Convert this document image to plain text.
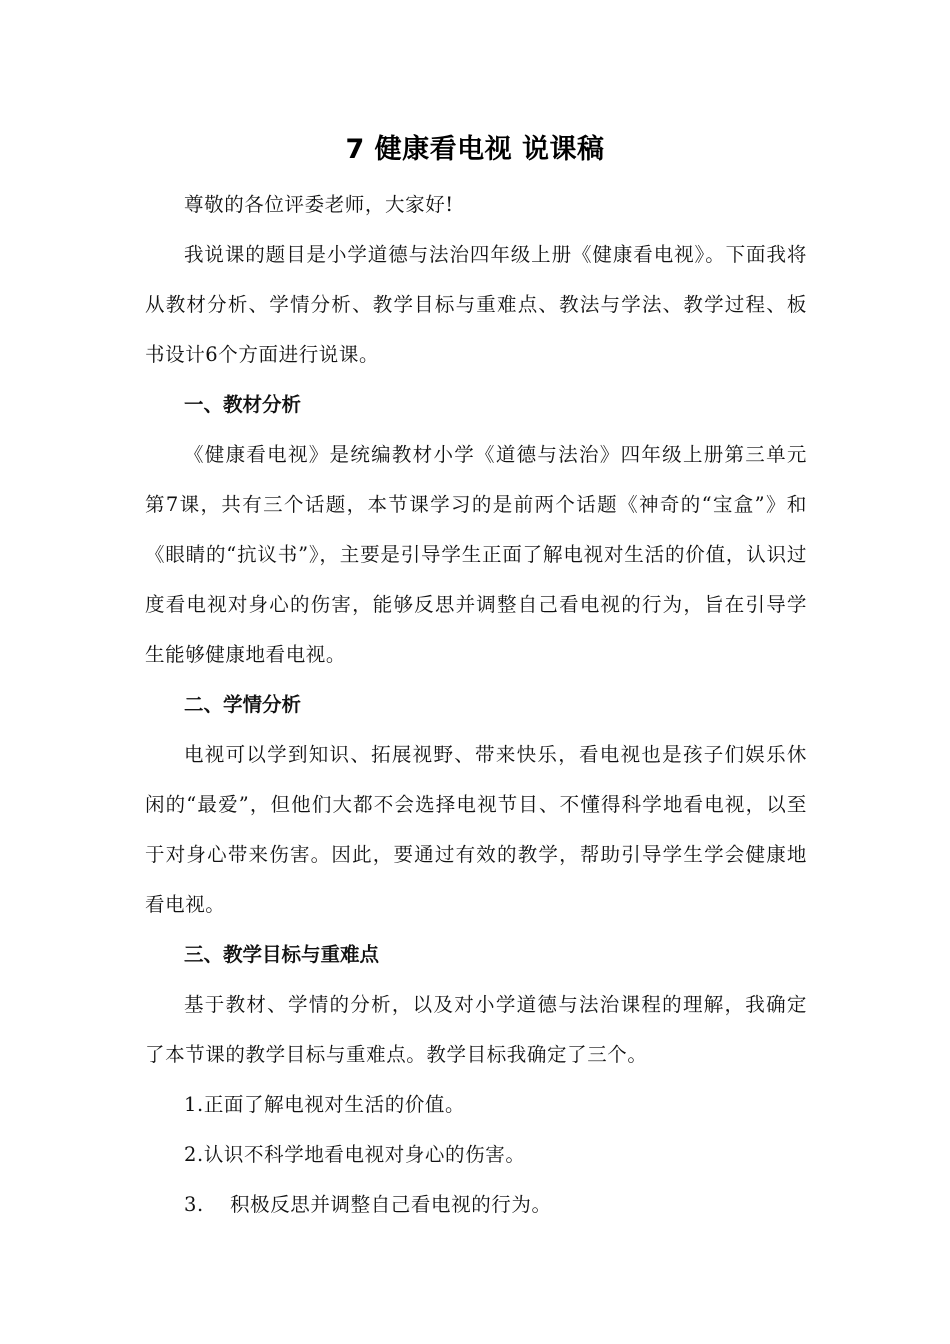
7 健康看电视 说课稿

尊敬的各位评委老师，大家好!

我说课的题目是小学道德与法治四年级上册《健康看电视》。下面我将从教材分析、学情分析、教学目标与重难点、教法与学法、教学过程、板书设计6个方面进行说课。

一、教材分析

《健康看电视》是统编教材小学《道德与法治》四年级上册第三单元第7课，共有三个话题，本节课学习的是前两个话题《神奇的“宝盒”》和《眼睛的“抗议书”》，主要是引导学生正面了解电视对生活的价值，认识过度看电视对身心的伤害，能够反思并调整自己看电视的行为，旨在引导学生能够健康地看电视。

二、学情分析

电视可以学到知识、拓展视野、带来快乐，看电视也是孩子们娱乐休闲的“最爱”，但他们大都不会选择电视节目、不懂得科学地看电视，以至于对身心带来伤害。因此，要通过有效的教学，帮助引导学生学会健康地看电视。

三、教学目标与重难点

基于教材、学情的分析，以及对小学道德与法治课程的理解，我确定了本节课的教学目标与重难点。教学目标我确定了三个。

1.正面了解电视对生活的价值。

2.认识不科学地看电视对身心的伤害。

3. 积极反思并调整自己看电视的行为。
